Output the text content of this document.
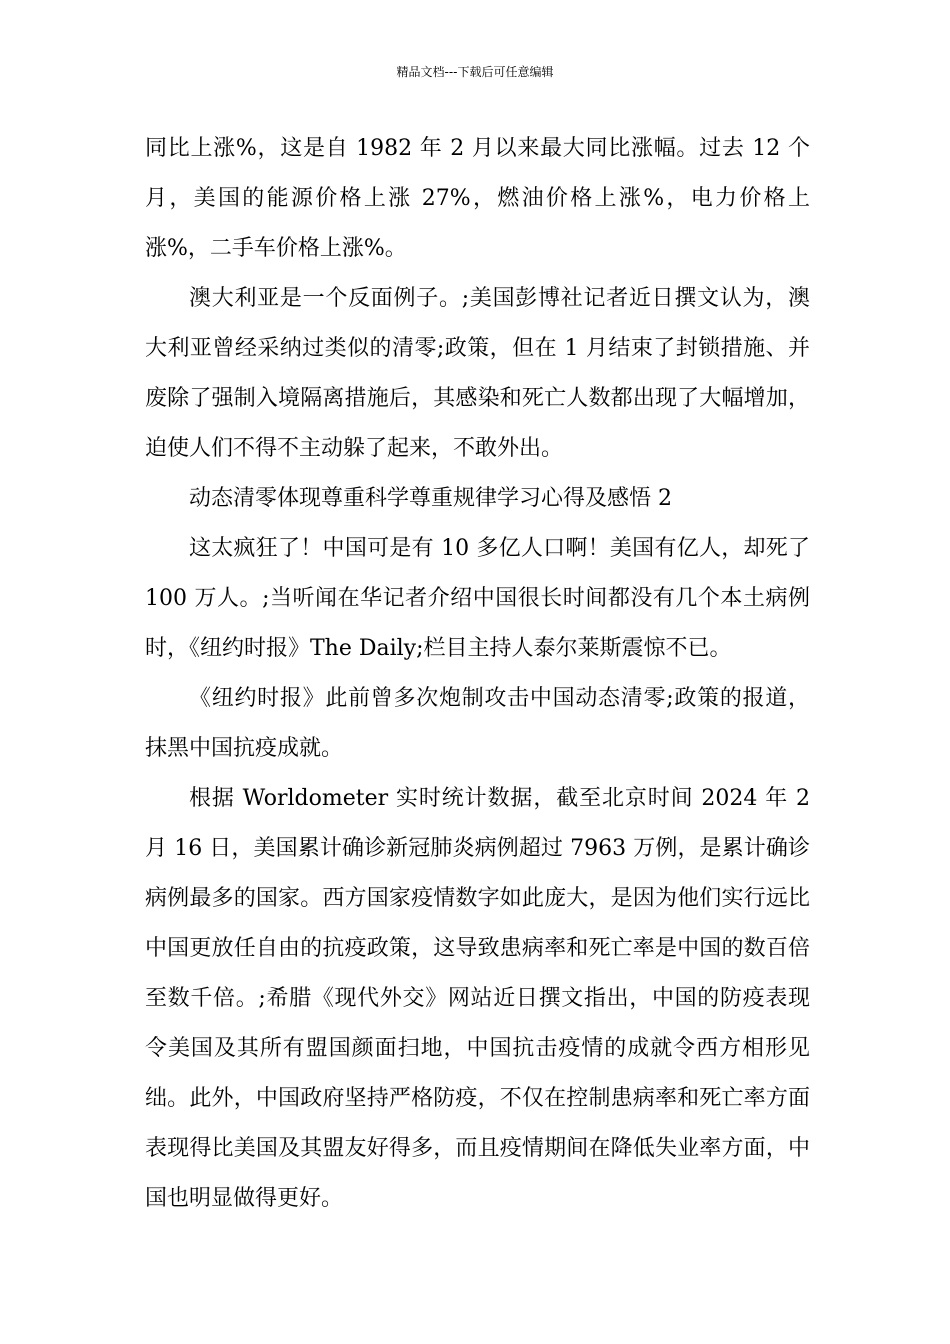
精品文档---下载后可任意编辑

同比上涨%，这是自 1982 年 2 月以来最大同比涨幅。过去 12 个月，美国的能源价格上涨 27%，燃油价格上涨%，电力价格上涨%，二手车价格上涨%。

澳大利亚是一个反面例子。;美国彭博社记者近日撰文认为，澳大利亚曾经采纳过类似的清零;政策，但在 1 月结束了封锁措施、并废除了强制入境隔离措施后，其感染和死亡人数都出现了大幅增加，迫使人们不得不主动躲了起来，不敢外出。

动态清零体现尊重科学尊重规律学习心得及感悟 2

这太疯狂了！中国可是有 10 多亿人口啊！美国有亿人，却死了 100 万人。;当听闻在华记者介绍中国很长时间都没有几个本土病例时，《纽约时报》The Daily;栏目主持人泰尔莱斯震惊不已。

《纽约时报》此前曾多次炮制攻击中国动态清零;政策的报道，抹黑中国抗疫成就。

根据 Worldometer 实时统计数据，截至北京时间 2024 年 2 月 16 日，美国累计确诊新冠肺炎病例超过 7963 万例，是累计确诊病例最多的国家。西方国家疫情数字如此庞大，是因为他们实行远比中国更放任自由的抗疫政策，这导致患病率和死亡率是中国的数百倍至数千倍。;希腊《现代外交》网站近日撰文指出，中国的防疫表现令美国及其所有盟国颜面扫地，中国抗击疫情的成就令西方相形见绌。此外，中国政府坚持严格防疫，不仅在控制患病率和死亡率方面表现得比美国及其盟友好得多，而且疫情期间在降低失业率方面，中国也明显做得更好。
